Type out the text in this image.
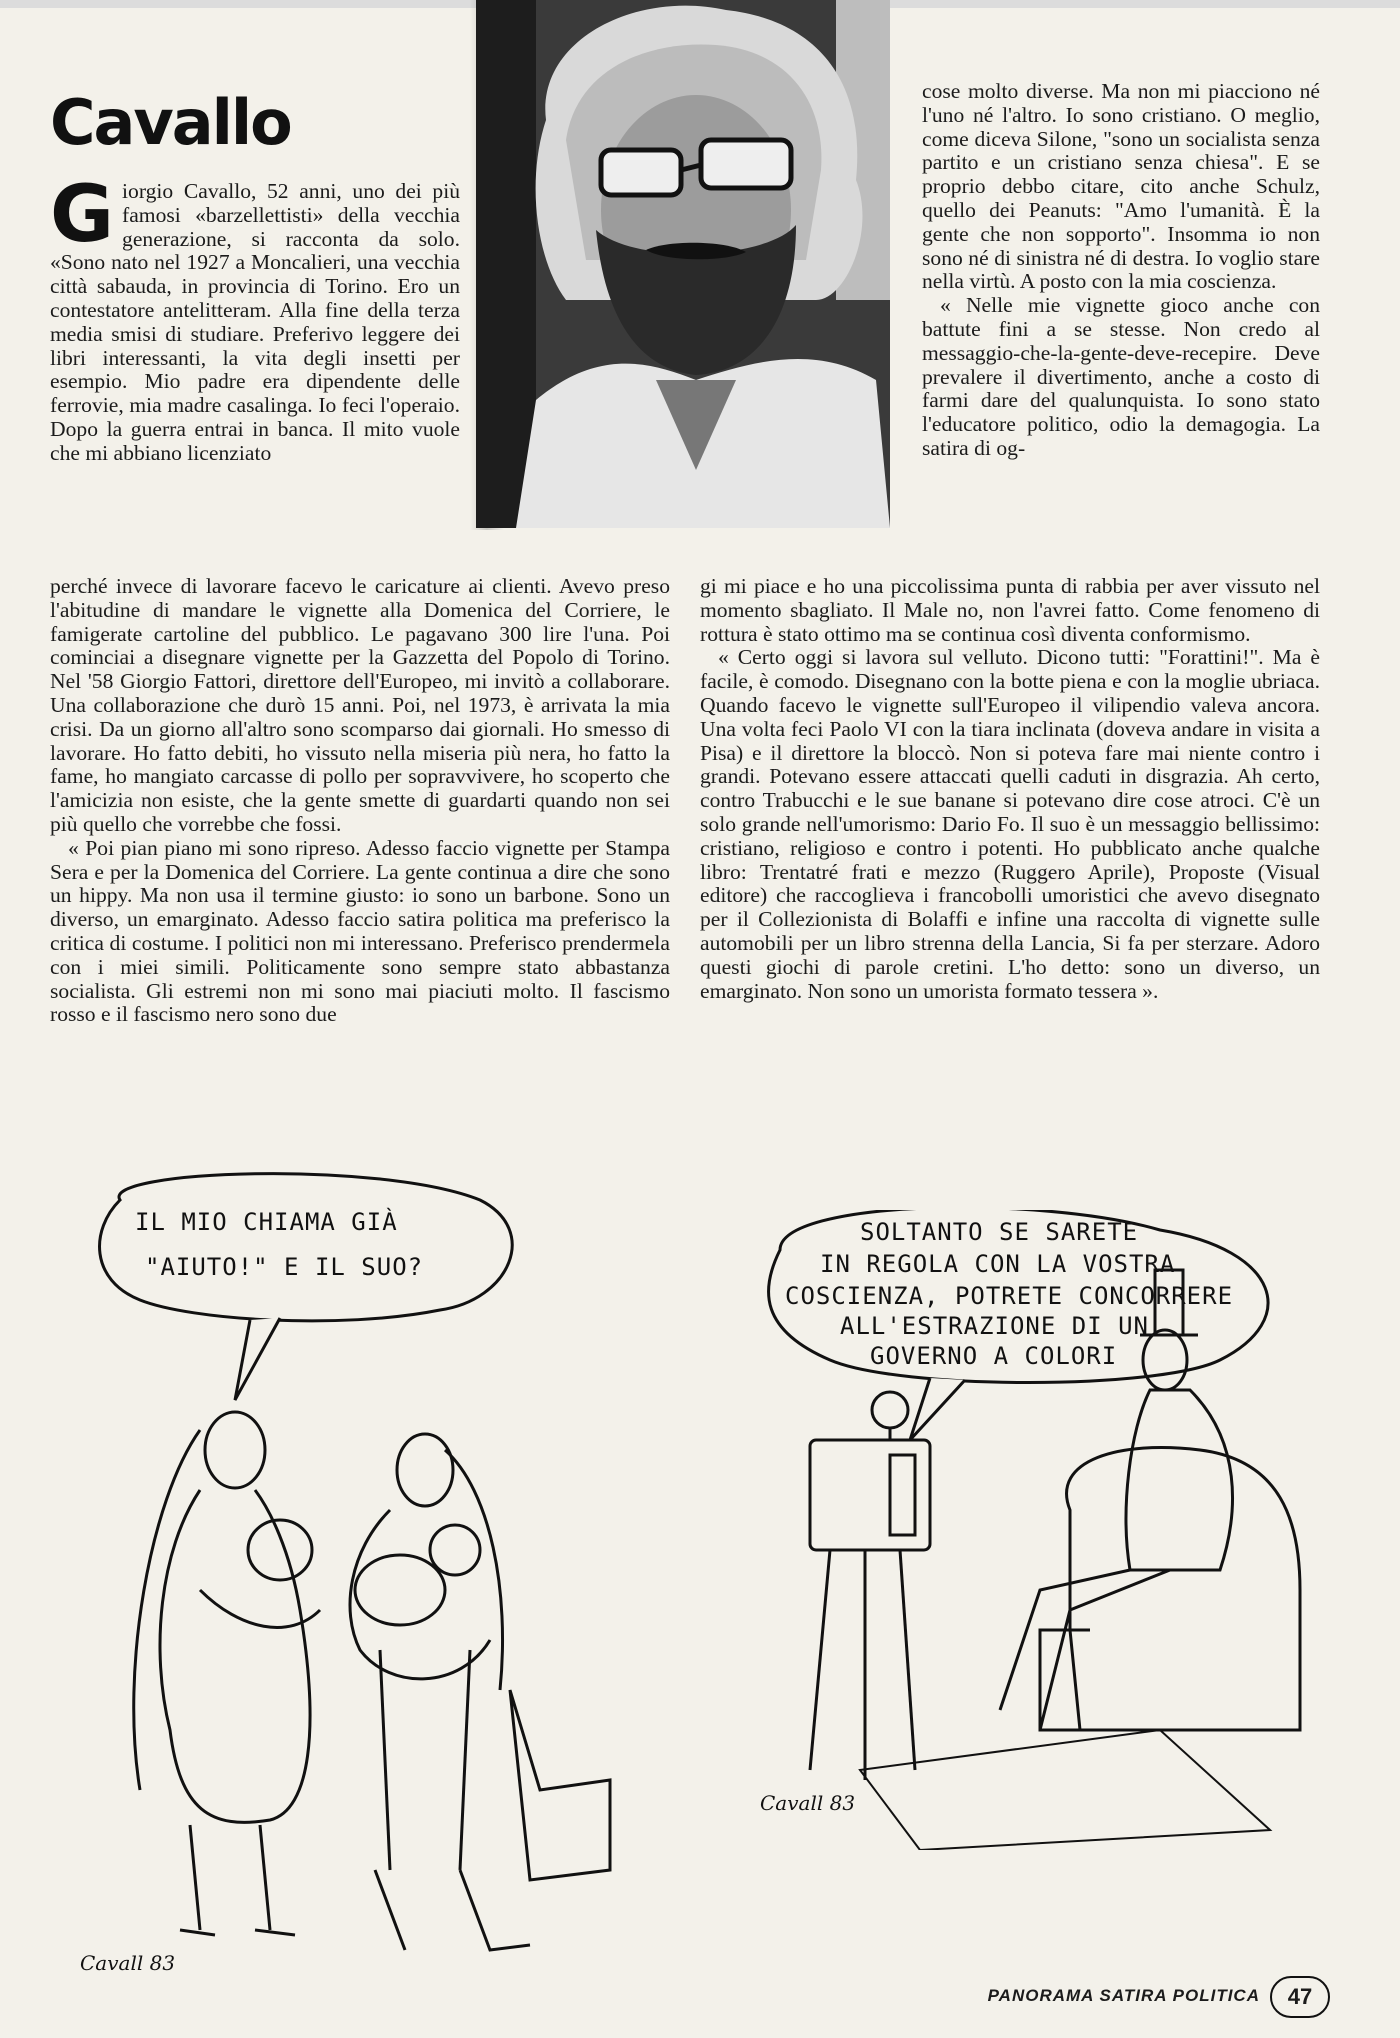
Cavallo

Giorgio Cavallo, 52 anni, uno dei più famosi «barzellettisti» della vecchia generazione, si racconta da solo. «Sono nato nel 1927 a Moncalieri, una vecchia città sabauda, in provincia di Torino. Ero un contestatore antelitteram. Alla fine della terza media smisi di studiare. Preferivo leggere dei libri interessanti, la vita degli insetti per esempio. Mio padre era dipendente delle ferrovie, mia madre casalinga. Io feci l'operaio. Dopo la guerra entrai in banca. Il mito vuole che mi abbiano licenziato

cose molto diverse. Ma non mi piacciono né l'uno né l'altro. Io sono cristiano. O meglio, come diceva Silone, "sono un socialista senza partito e un cristiano senza chiesa". E se proprio debbo citare, cito anche Schulz, quello dei Peanuts: "Amo l'umanità. È la gente che non sopporto". Insomma io non sono né di sinistra né di destra. Io voglio stare nella virtù. A posto con la mia coscienza.

« Nelle mie vignette gioco anche con battute fini a se stesse. Non credo al messaggio-che-la-gente-deve-recepire. Deve prevalere il divertimento, anche a costo di farmi dare del qualunquista. Io sono stato l'educatore politico, odio la demagogia. La satira di og-

perché invece di lavorare facevo le caricature ai clienti. Avevo preso l'abitudine di mandare le vignette alla Domenica del Corriere, le famigerate cartoline del pubblico. Le pagavano 300 lire l'una. Poi cominciai a disegnare vignette per la Gazzetta del Popolo di Torino. Nel '58 Giorgio Fattori, direttore dell'Europeo, mi invitò a collaborare. Una collaborazione che durò 15 anni. Poi, nel 1973, è arrivata la mia crisi. Da un giorno all'altro sono scomparso dai giornali. Ho smesso di lavorare. Ho fatto debiti, ho vissuto nella miseria più nera, ho fatto la fame, ho mangiato carcasse di pollo per sopravvivere, ho scoperto che l'amicizia non esiste, che la gente smette di guardarti quando non sei più quello che vorrebbe che fossi.

« Poi pian piano mi sono ripreso. Adesso faccio vignette per Stampa Sera e per la Domenica del Corriere. La gente continua a dire che sono un hippy. Ma non usa il termine giusto: io sono un barbone. Sono un diverso, un emarginato. Adesso faccio satira politica ma preferisco la critica di costume. I politici non mi interessano. Preferisco prendermela con i miei simili. Politicamente sono sempre stato abbastanza socialista. Gli estremi non mi sono mai piaciuti molto. Il fascismo rosso e il fascismo nero sono due

gi mi piace e ho una piccolissima punta di rabbia per aver vissuto nel momento sbagliato. Il Male no, non l'avrei fatto. Come fenomeno di rottura è stato ottimo ma se continua così diventa conformismo.

« Certo oggi si lavora sul velluto. Dicono tutti: "Forattini!". Ma è facile, è comodo. Disegnano con la botte piena e con la moglie ubriaca. Quando facevo le vignette sull'Europeo il vilipendio valeva ancora. Una volta feci Paolo VI con la tiara inclinata (doveva andare in visita a Pisa) e il direttore la bloccò. Non si poteva fare mai niente contro i grandi. Potevano essere attaccati quelli caduti in disgrazia. Ah certo, contro Trabucchi e le sue banane si potevano dire cose atroci. C'è un solo grande nell'umorismo: Dario Fo. Il suo è un messaggio bellissimo: cristiano, religioso e contro i potenti. Ho pubblicato anche qualche libro: Trentatré frati e mezzo (Ruggero Aprile), Proposte (Visual editore) che raccoglieva i francobolli umoristici che avevo disegnato per il Collezionista di Bolaffi e infine una raccolta di vignette sulle automobili per un libro strenna della Lancia, Si fa per sterzare. Adoro questi giochi di parole cretini. L'ho detto: sono un diverso, un emarginato. Non sono un umorista formato tessera ».

IL MIO CHIAMA GIÀ
"AIUTO!" E IL SUO?
Cavall 83
SOLTANTO SE SARETE
IN REGOLA CON LA VOSTRA
COSCIENZA, POTRETE CONCORRERE
ALL'ESTRAZIONE DI UN
GOVERNO A COLORI
Cavall 83
PANORAMA SATIRA POLITICA	47
